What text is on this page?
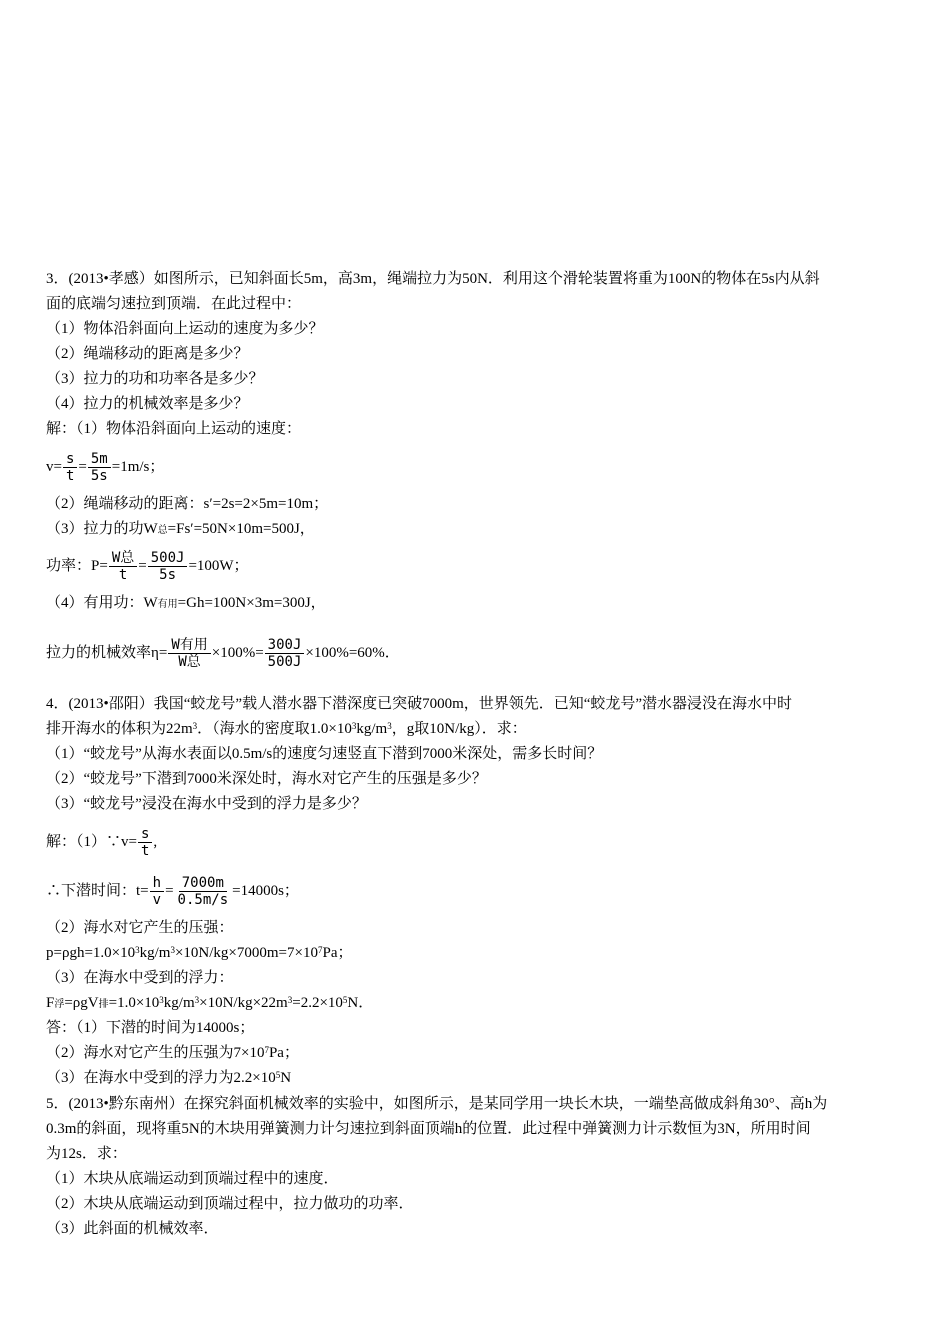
3．(2013•孝感）如图所示，已知斜面长5m，高3m，绳端拉力为50N．利用这个滑轮装置将重为100N的物体在5s内从斜
面的底端匀速拉到顶端．在此过程中：
（1）物体沿斜面向上运动的速度为多少？
（2）绳端移动的距离是多少？
（3）拉力的功和功率各是多少？
（4）拉力的机械效率是多少？
解：（1）物体沿斜面向上运动的速度：
$v= \frac{s}{t} = \frac{5m}{5s} =1m/s$；
（2）绳端移动的距离：s′=2s=2×5m=10m；
（3）拉力的功W总=Fs′=50N×10m=500J，
功率：P= W总
t
= $\frac{500J}{5s} =100W$；
（4）有用功：W有用=Gh=100N×3m=300J，
拉力的机械效率η= W有用
W总
$\times 100\%= \frac{300J}{500J} \times 100\%=60\%$．
4．(2013•邵阳）我国“蛟龙号”载人潜水器下潜深度已突破7000m，世界领先．已知“蛟龙号”潜水器浸没在海水中时
排开海水的体积为$22m^3$．（海水的密度取$1.0\times 10^3kg/m^3$，g取10N/kg）．求：
（1）“蛟龙号”从海水表面以0.5m/s的速度匀速竖直下潜到7000米深处，需多长时间？
（2）“蛟龙号”下潜到7000米深处时，海水对它产生的压强是多少？
（3）“蛟龙号”浸没在海水中受到的浮力是多少？
解：（1）∵v= $\frac{s}{t}$ ,
∴下潜时间：$t= \frac{h}{v} = \frac{7000m}{0.5m/s} =14000s$；
（2）海水对它产生的压强：
$p=\rho gh=1.0\times 10^3kg/m^3\times 10N/kg\times 7000m=7\times 10^7Pa$；
（3）在海水中受到的浮力：
F浮=ρgV排$=1.0\times 10^3kg/m^3\times 10N/kg\times 22m^3=2.2\times 10^5N$．
答：（1）下潜的时间为14000s；
（2）海水对它产生的压强为$7\times 10^7Pa$；
（3）在海水中受到的浮力为$2.2\times 10^5N$
5．(2013•黔东南州）在探究斜面机械效率的实验中，如图所示，是某同学用一块长木块，一端垫高做成斜角30°、高h为
0.3m的斜面，现将重5N的木块用弹簧测力计匀速拉到斜面顶端h的位置．此过程中弹簧测力计示数恒为3N，所用时间
为12s．求：
（1）木块从底端运动到顶端过程中的速度．
（2）木块从底端运动到顶端过程中，拉力做功的功率．
（3）此斜面的机械效率．
